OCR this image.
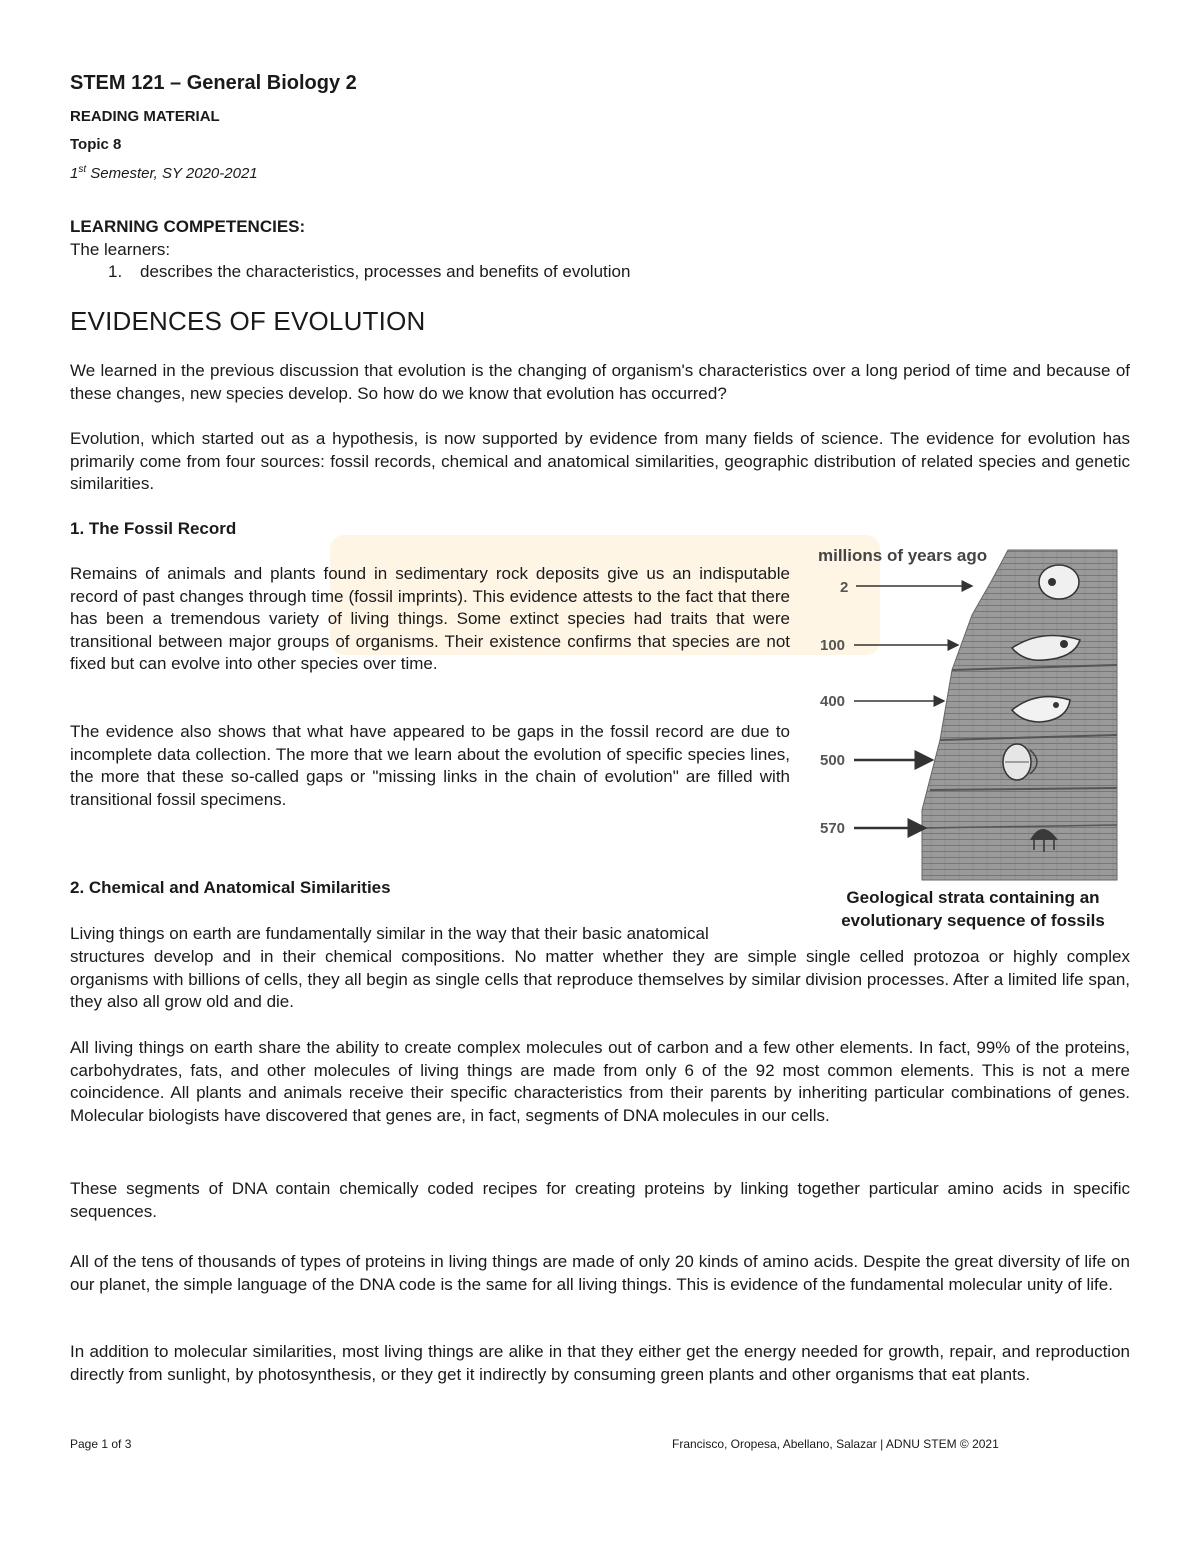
STEM 121 – General Biology 2
READING MATERIAL
Topic 8
1st Semester, SY 2020-2021
LEARNING COMPETENCIES:
The learners:
1. describes the characteristics, processes and benefits of evolution
EVIDENCES OF EVOLUTION

We learned in the previous discussion that evolution is the changing of organism's characteristics over a long period of time and because of these changes, new species develop. So how do we know that evolution has occurred?

Evolution, which started out as a hypothesis, is now supported by evidence from many fields of science. The evidence for evolution has primarily come from four sources: fossil records, chemical and anatomical similarities, geographic distribution of related species and genetic similarities.

1. The Fossil Record

Remains of animals and plants found in sedimentary rock deposits give us an indisputable record of past changes through time (fossil imprints). This evidence attests to the fact that there has been a tremendous variety of living things. Some extinct species had traits that were transitional between major groups of organisms. Their existence confirms that species are not fixed but can evolve into other species over time.

The evidence also shows that what have appeared to be gaps in the fossil record are due to incomplete data collection. The more that we learn about the evolution of specific species lines, the more that these so-called gaps or "missing links in the chain of evolution" are filled with transitional fossil specimens.

millions of years ago
2
100
400
500
570
Geological strata containing an
evolutionary sequence of fossils
2. Chemical and Anatomical Similarities
Living things on earth are fundamentally similar in the way that their basic anatomical

structures develop and in their chemical compositions. No matter whether they are simple single celled protozoa or highly complex organisms with billions of cells, they all begin as single cells that reproduce themselves by similar division processes. After a limited life span, they also all grow old and die.

All living things on earth share the ability to create complex molecules out of carbon and a few other elements. In fact, 99% of the proteins, carbohydrates, fats, and other molecules of living things are made from only 6 of the 92 most common elements. This is not a mere coincidence. All plants and animals receive their specific characteristics from their parents by inheriting particular combinations of genes. Molecular biologists have discovered that genes are, in fact, segments of DNA molecules in our cells.

These segments of DNA contain chemically coded recipes for creating proteins by linking together particular amino acids in specific sequences.

All of the tens of thousands of types of proteins in living things are made of only 20 kinds of amino acids. Despite the great diversity of life on our planet, the simple language of the DNA code is the same for all living things. This is evidence of the fundamental molecular unity of life.

In addition to molecular similarities, most living things are alike in that they either get the energy needed for growth, repair, and reproduction directly from sunlight, by photosynthesis, or they get it indirectly by consuming green plants and other organisms that eat plants.

Page 1 of 3	Francisco, Oropesa, Abellano, Salazar | ADNU STEM © 2021
